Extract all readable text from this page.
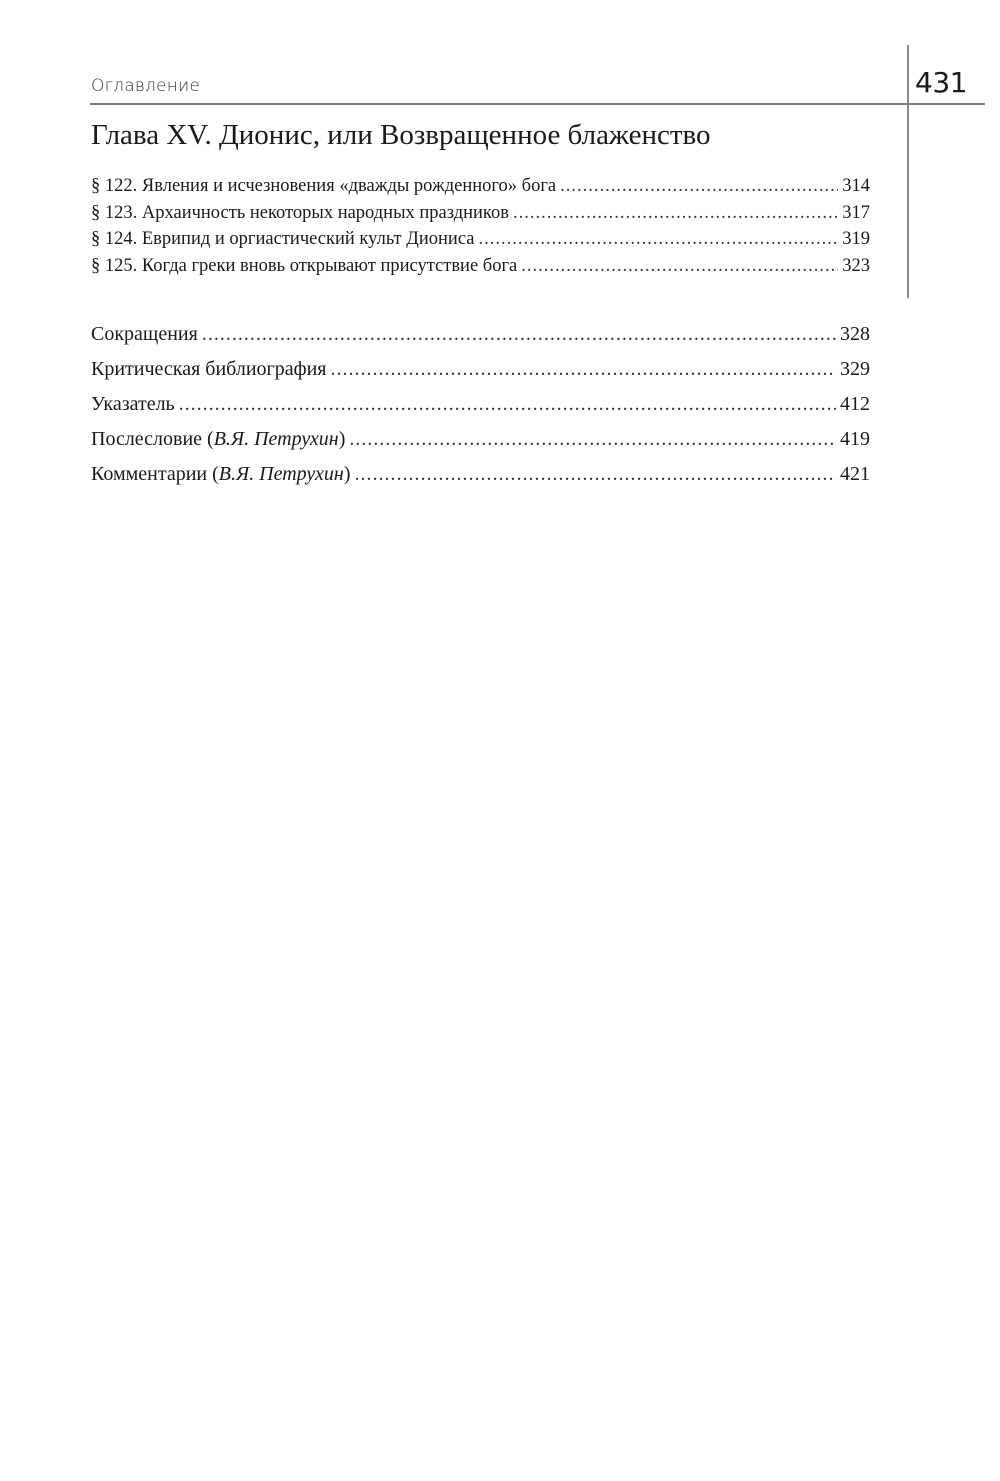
Оглавление	431
Глава XV. Дионис, или Возвращенное блаженство
§ 122. Явления и исчезновения «дважды рожденного» бога .....	314
§ 123. Архаичность некоторых народных праздников .....	317
§ 124. Еврипид и оргиастический культ Диониса .....	319
§ 125. Когда греки вновь открывают присутствие бога .....	323
Сокращения .....	328
Критическая библиография .....	329
Указатель .....	412
Послесловие (В.Я. Петрухин) .....	419
Комментарии (В.Я. Петрухин) .....	421
